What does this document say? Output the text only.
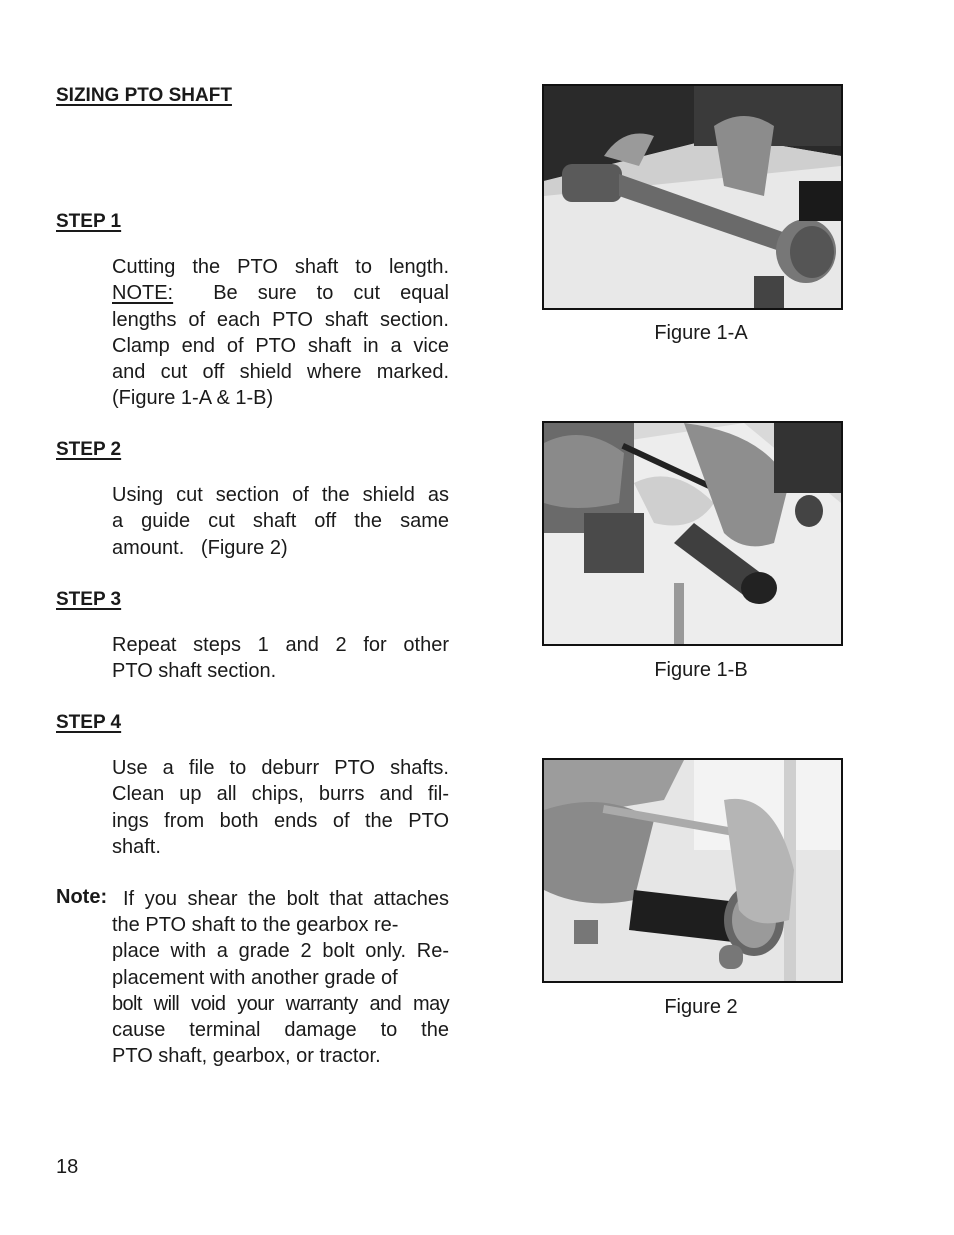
SIZING PTO SHAFT
STEP 1
Cutting the PTO shaft to length.
NOTE: Be sure to cut equal
lengths of each PTO shaft section.
Clamp end of PTO shaft in a vice
and cut off shield where marked.
(Figure 1-A & 1-B)
STEP 2
Using cut section of the shield as
a guide cut shaft off the same
amount.   (Figure 2)
STEP 3
Repeat steps 1 and 2 for other
PTO shaft section.
STEP 4
Use a file to deburr PTO shafts.
Clean up all chips, burrs and fil-
ings from both ends of the PTO
shaft.
Note: If you shear the bolt that attaches
the PTO shaft to the gearbox re-
place with a grade 2 bolt only. Re-
placement with another grade of
bolt will void your warranty and may
cause terminal damage to the
PTO shaft, gearbox, or tractor.
Figure 1-A
Figure 1-B
Figure 2
18
